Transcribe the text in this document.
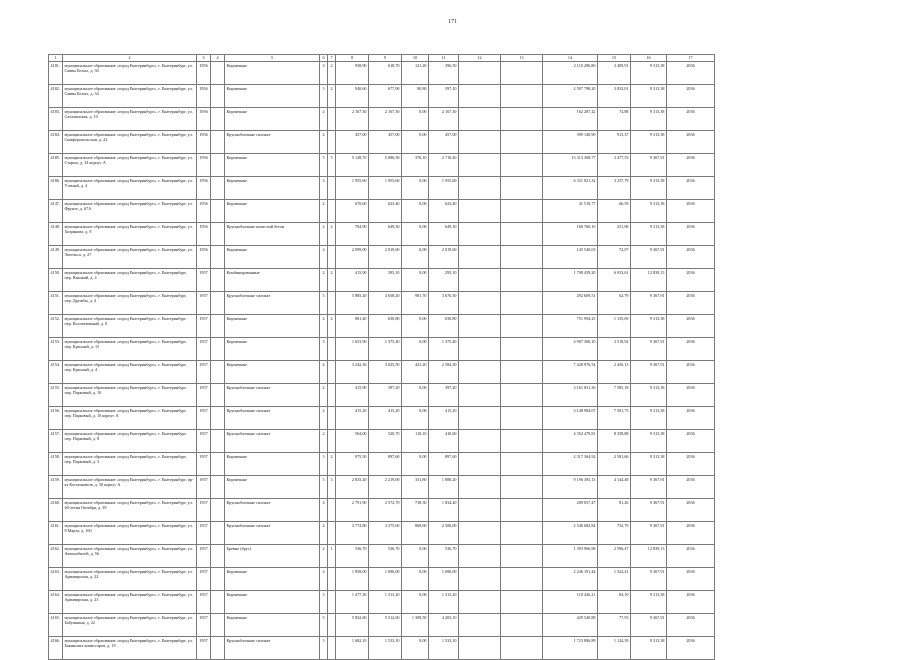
171
1	2	3	4	5	6	7	8	9	10	11	12	13	14	15	16	17
4181.	муниципальное образование «город Екатеринбург», г. Екатеринбург, ул. Саввы Белых, д. 30	1956		Кирпичные	3	2	938,90	618,70	121,20	396,50			2 110 286,80	3 409,91	9 313,38	2036
4182.	муниципальное образование «город Екатеринбург», г. Екатеринбург, ул. Саввы Белых, д. 34	1956		Кирпичные	3	2	940,60	677,90	80,80	597,10			2 597 798,20	3 832,01	9 313,38	2036
4183.	муниципальное образование «город Екатеринбург», г. Екатеринбург, ул. Сахалинская, д. 10	1956		Кирпичные	2		2 167,30	2 167,30	0,00	2 167,30			162 287,42	74,88	9 313,38	2036
4184.	муниципальное образование «город Екатеринбург», г. Екатеринбург, ул. Симферопольская, д. 22	1956		Крупноблочные силикат	2		457,00	457,00	0,00	457,00			399 140,90	913,37	9 313,38	2036
4185.	муниципальное образование «город Екатеринбург», г. Екатеринбург, ул. Старых, д. 34 корпус А	1956		Кирпичные	5	5	5 128,70	5 086,50	376,10	2 710,40			15 313 368,77	3 477,53	9 367,91	2036
4186.	муниципальное образование «город Екатеринбург», г. Екатеринбург, ул. Ученый, д. 4	1956		Кирпичные	3		1 955,60	1 955,60	0,00	1 955,60			6 331 821,32	3 237,79	9 313,38	2036
4147.	муниципальное образование «город Екатеринбург», г. Екатеринбург, ул. Фрунзе, д. 67А	1956		Кирпичные	2		670,60	623,40	0,00	623,40			41 510,77	66,59	9 313,38	2036
4148.	муниципальное образование «город Екатеринбург», г. Екатеринбург, ул. Хохрякова, д. 8	1956		Крупноблочные ячеистый бетон	2	2	704,90	649,30	0,00	649,30			160 760,10	251,08	9 313,38	2036
4149.	муниципальное образование «город Екатеринбург», г. Екатеринбург, ул. Энгельса, д. 27	1956		Кирпичные	4		2 099,00	2 019,60	0,00	2 019,60			145 540,03	72,07	9 367,91	2036
4150.	муниципальное образование «город Екатеринбург», г. Екатеринбург, пер. Вышкий, д. 4	1957		Комбинированные	2	2	415,90	395,10	0,00	295,10			1 798 459,20	6 033,61	12 839,13	2036
4151.	муниципальное образование «город Екатеринбург», г. Екатеринбург, пер. Дружбы, д. 4	1957		Крупноблочные силикат	5		5 885,20	4 658,20	981,70	3 676,50			292 609,51	62,79	9 367,91	2036
4152.	муниципальное образование «город Екатеринбург», г. Екатеринбург, пер. Коллективный, д. 8	1957		Кирпичные	2	2	881,40	630,80	0,00	630,80			751 994,25	1 155,69	9 313,38	2036
4153.	муниципальное образование «город Екатеринбург», г. Екатеринбург, пер. Красный, д. 15	1957		Кирпичные	3		1 653,90	1 375,40	0,00	1 375,40			4 907 360,10	3 518,92	9 367,91	2036
4154.	муниципальное образование «город Екатеринбург», г. Екатеринбург, пер. Красный, д. 4	1957		Кирпичные	4		3 242,30	3 025,50	441,20	2 584,30			7 428 976,54	2 456,13	9 367,91	2036
4155.	муниципальное образование «город Екатеринбург», г. Екатеринбург, пер. Парковый, д. 10	1957		Крупноблочные силикат	2		415,90	397,20	0,00	397,20			3 161 831,36	7 585,18	9 313,38	2036
4156.	муниципальное образование «город Екатеринбург», г. Екатеринбург, пер. Парковый, д. 10 корпус А	1957		Крупноблочные силикат	2		415,20	415,20	0,00	415,20			3 148 984,07	7 581,73	9 313,38	2036
4157.	муниципальное образование «город Екатеринбург», г. Екатеринбург, пер. Парковый, д. 8	1957		Крупноблочные силикат	2		504,00	520,70	110,10	410,60			4 352 479,81	8 358,88	9 313,38	2036
4158.	муниципальное образование «город Екатеринбург», г. Екатеринбург, пер. Парковый, д. 3	1957		Кирпичные	3	2	975,50	897,60	0,00	897,60			2 317 364,92	2 581,66	9 313,38	2036
4159.	муниципальное образование «город Екатеринбург», г. Екатеринбург, пр-кт Космонавтов, д. 30 корпус А	1957		Кирпичные	5	3	2 835,20	2 219,00	331,80	1 888,20			9 196 395,13	4 144,48	9 367,91	2036
4160.	муниципальное образование «город Екатеринбург», г. Екатеринбург, ул. 40-летия Октября, д. 39	1957		Крупноблочные силикат	4		2 791,90	2 572,70	738,30	1 834,40			209 057,47	81,26	9 367,91	2036
4161.	муниципальное образование «город Екатеринбург», г. Екатеринбург, ул. 8 Марта, д. 160	1957		Крупноблочные силикат	4		3 774,80	3 375,60	869,60	2 506,00			2 540 682,84	752,79	9 367,91	2036
4162.	муниципальное образование «город Екатеринбург», г. Екатеринбург, ул. Автомобилей, д. 56	1957		Бревно (брус)	2	1	536,70	536,70	0,00	536,70			1 393 966,98	2 596,47	12 839,13	2036
4163.	муниципальное образование «город Екатеринбург», г. Екатеринбург, ул. Армавирская, д. 22	1957		Кирпичные	4		1 858,00	1 696,00	0,00	1 696,00			2 246 191,44	1 324,41	9 367,91	2036
4164.	муниципальное образование «город Екатеринбург», г. Екатеринбург, ул. Армавирская, д. 23	1957		Кирпичные	3		1 477,50	1 313,20	0,00	1 313,20			110 426,21	84,10	9 313,38	2036
4165.	муниципальное образование «город Екатеринбург», г. Екатеринбург, ул. Бабушкина, д. 22	1957		Кирпичные	5		5 832,60	5 512,60	1 309,50	4 203,10			429 540,88	77,93	9 367,91	2036
4166.	муниципальное образование «город Екатеринбург», г. Екатеринбург, ул. Бакинских комиссаров, д. 19	1957		Крупноблочные силикат	3		1 682,10	1 533,10	0,00	1 533,10			1 723 896,89	1 124,39	9 313,38	2036
